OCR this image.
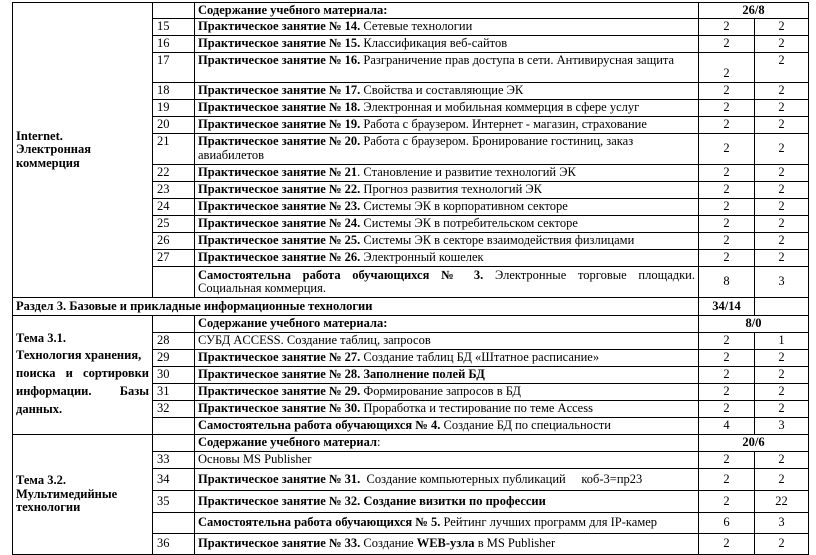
Internet.
Электронная
коммерция		Содержание учебного материала:	26/8	
	15	Практическое занятие № 14. Сетевые технологии	2	2
	16	Практическое занятие № 15. Классификация веб-сайтов	2	2
	17	Практическое занятие № 16. Разграничение прав доступа в сети. Антивирусная защита	2	2
	18	Практическое занятие № 17. Свойства и составляющие ЭК	2	2
	19	Практическое занятие № 18. Электронная и мобильная коммерция в сфере услуг	2	2
	20	Практическое занятие № 19. Работа с браузером. Интернет - магазин, страхование	2	2
	21	Практическое занятие № 20. Работа с браузером. Бронирование гостиниц, заказ
авиабилетов	2	2
	22	Практическое занятие № 21. Становление и развитие технологий ЭК	2	2
	23	Практическое занятие № 22. Прогноз развития технологий ЭК	2	2
	24	Практическое занятие № 23. Системы ЭК в корпоративном секторе	2	2
	25	Практическое занятие № 24. Системы ЭК в потребительском секторе	2	2
	26	Практическое занятие № 25. Системы ЭК в секторе взаимодействия физлицами	2	2
	27	Практическое занятие № 26. Электронный кошелек	2	2

		Самостоятельна работа обучающихся № 3. Электронные торговые площадки.
Социальная коммерция.	8	3
Раздел 3. Базовые и прикладные информационные технологии			34/14	

Тема 3.1.
Технология хранения,
поиска и сортировки
информации. Базы
данных.		Содержание учебного материала:	8/0	
	28	СУБД ACCESS. Создание таблиц, запросов	2	1
	29	Практическое занятие № 27. Создание таблиц БД «Штатное расписание»	2	2
	30	Практическое занятие № 28. Заполнение полей БД	2	2
	31	Практическое занятие № 29. Формирование запросов в БД	2	2
	32	Практическое занятие № 30. Проработка и тестирование по теме Access	2	2
		Самостоятельна работа обучающихся № 4. Создание БД по специальности	4	3

Тема 3.2.
Мультимедийные
технологии		Содержание учебного материал:	20/6	
	33	Основы MS Publisher	2	2
	34	Практическое занятие № 31.  Создание компьютерных публикаций     коб-3=пр23	2	2
	35	Практическое занятие № 32. Создание визитки по профессии	2	22
		Самостоятельна работа обучающихся № 5. Рейтинг лучших программ для IP-камер	6	3
	36	Практическое занятие № 33. Создание WEB-узла в MS Publisher	2	2
